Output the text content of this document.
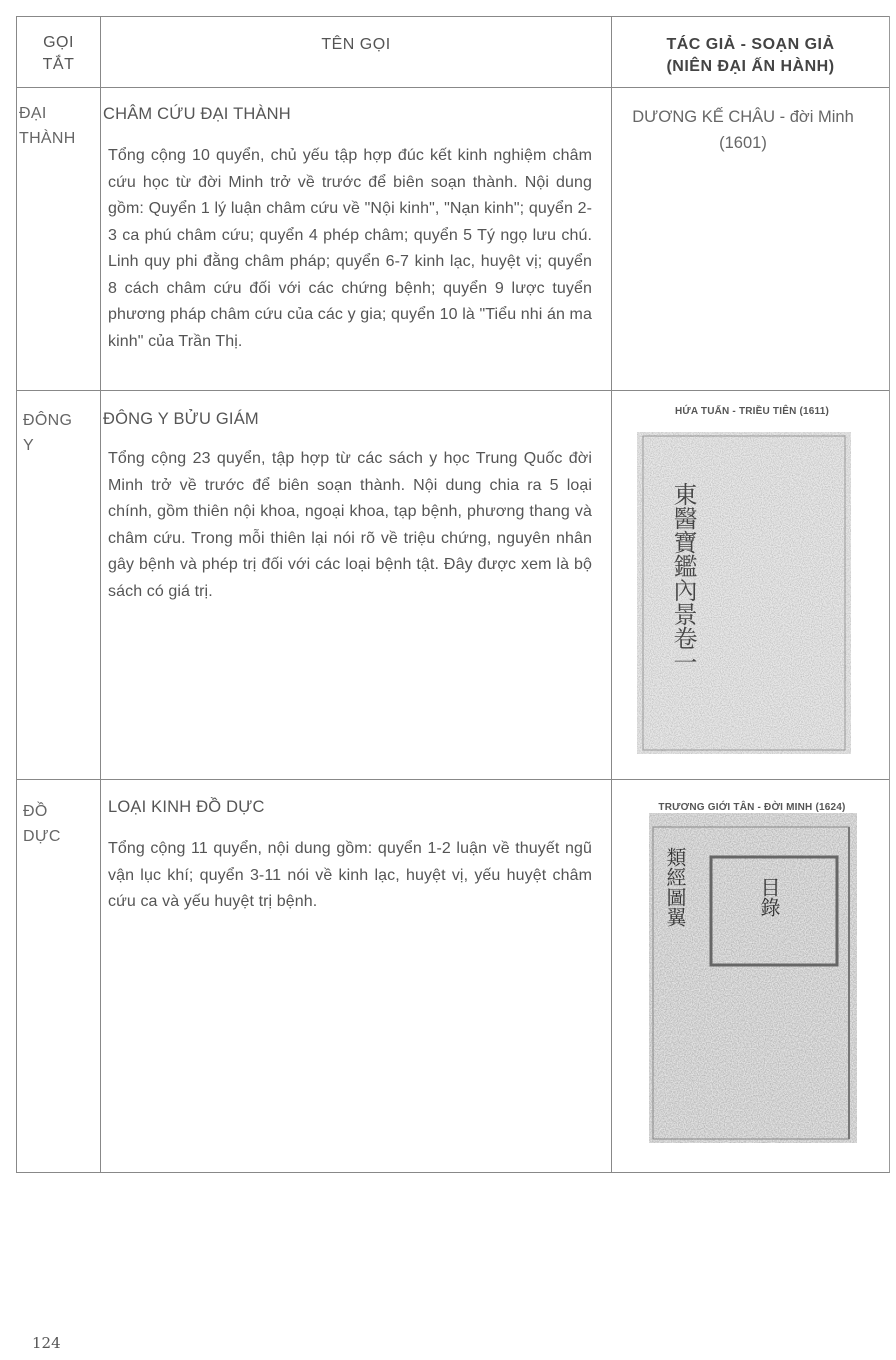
GỌI TẮT
TÊN GỌI	TÁC GIẢ - SOẠN GIẢ
(NIÊN ĐẠI ẤN HÀNH)
ĐẠI THÀNH
CHÂM CỨU ĐẠI THÀNH
Tổng cộng 10 quyển, chủ yếu tập hợp đúc kết kinh nghiệm châm cứu học từ đời Minh trở về trước để biên soạn thành. Nội dung gồm: Quyển 1 lý luận châm cứu về "Nội kinh", "Nạn kinh"; quyển 2-3 ca phú châm cứu; quyển 4 phép châm; quyển 5 Tý ngọ lưu chú. Linh quy phi đằng châm pháp; quyển 6-7 kinh lạc, huyệt vị; quyển 8 cách châm cứu đối với các chứng bệnh; quyển 9 lược tuyển phương pháp châm cứu của các y gia; quyển 10 là "Tiểu nhi án ma kinh" của Trần Thị.
DƯƠNG KẾ CHÂU - đời Minh (1601)
ĐÔNG Y
ĐÔNG Y BỬU GIÁM
Tổng cộng 23 quyển, tập hợp từ các sách y học Trung Quốc đời Minh trở về trước để biên soạn thành. Nội dung chia ra 5 loại chính, gồm thiên nội khoa, ngoại khoa, tạp bệnh, phương thang và châm cứu. Trong mỗi thiên lại nói rõ về triệu chứng, nguyên nhân gây bệnh và phép trị đối với các loại bệnh tật. Đây được xem là bộ sách có giá trị.
HỨA TUẤN - TRIỀU TIÊN (1611)
東醫寶鑑內景卷一
ĐỒ DỰC
LOẠI KINH ĐỒ DỰC
Tổng cộng 11 quyển, nội dung gồm: quyển 1-2 luận về thuyết ngũ vận lục khí; quyển 3-11 nói về kinh lạc, huyệt vị, yếu huyệt châm cứu ca và yếu huyệt trị bệnh.
TRƯƠNG GIỚI TÂN - ĐỜI MINH (1624)
類經圖翼	目錄
124
